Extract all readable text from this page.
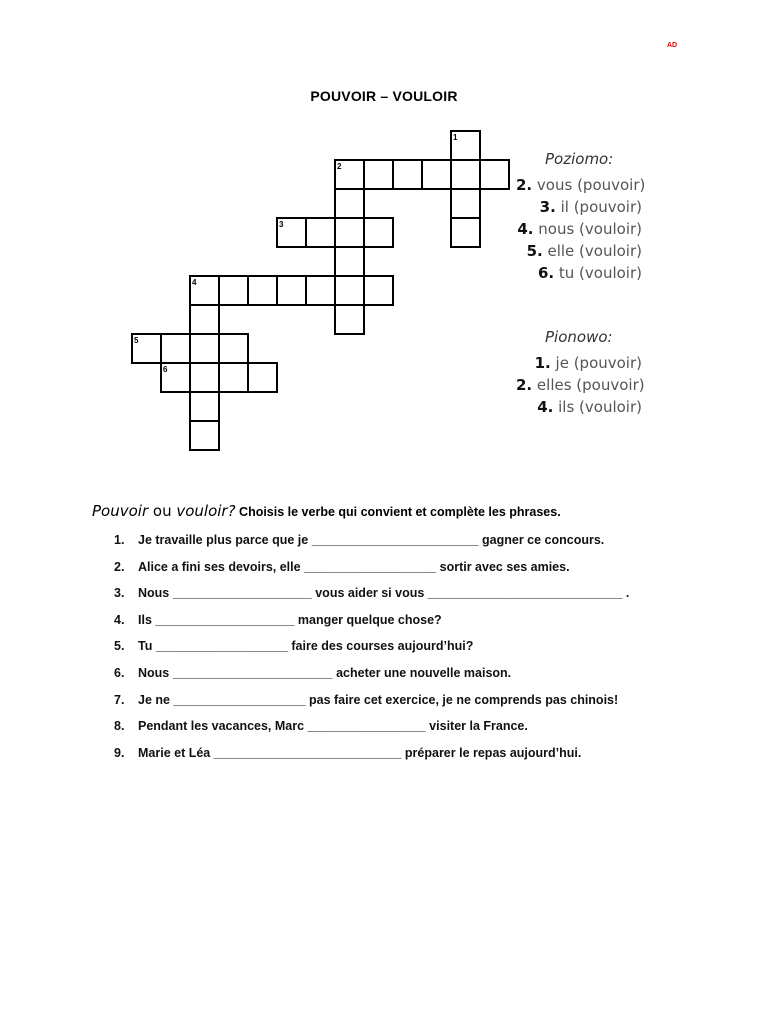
AD
POUVOIR – VOULOIR
1
2
3
4
5
6
Poziomo:
2. vous (pouvoir)
3. il (pouvoir)
4. nous (vouloir)
5. elle (vouloir)
6. tu (vouloir)
Pionowo:
1. je (pouvoir)
2. elles (pouvoir)
4. ils (vouloir)
Pouvoir ou vouloir? Choisis le verbe qui convient et complète les phrases.
1. Je travaille plus parce que je ________________________ gagner ce concours.
2. Alice a fini ses devoirs, elle ___________________ sortir avec ses amies.
3. Nous ____________________ vous aider si vous ____________________________ .
4. Ils ____________________ manger quelque chose?
5. Tu ___________________ faire des courses aujourd’hui?
6. Nous _______________________ acheter une nouvelle maison.
7. Je ne ___________________ pas faire cet exercice, je ne comprends pas chinois!
8. Pendant les vacances, Marc _________________ visiter la France.
9. Marie et Léa ___________________________ préparer le repas aujourd’hui.
